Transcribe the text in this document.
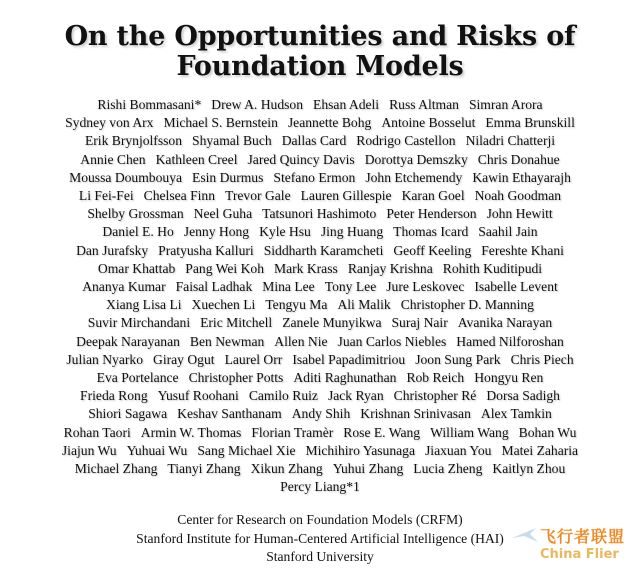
On the Opportunities and Risks of
Foundation Models
Rishi Bommasani* Drew A. Hudson Ehsan Adeli Russ Altman Simran Arora
Sydney von Arx Michael S. Bernstein Jeannette Bohg Antoine Bosselut Emma Brunskill
Erik Brynjolfsson Shyamal Buch Dallas Card Rodrigo Castellon Niladri Chatterji
Annie Chen Kathleen Creel Jared Quincy Davis Dorottya Demszky Chris Donahue
Moussa Doumbouya Esin Durmus Stefano Ermon John Etchemendy Kawin Ethayarajh
Li Fei-Fei Chelsea Finn Trevor Gale Lauren Gillespie Karan Goel Noah Goodman
Shelby Grossman Neel Guha Tatsunori Hashimoto Peter Henderson John Hewitt
Daniel E. Ho Jenny Hong Kyle Hsu Jing Huang Thomas Icard Saahil Jain
Dan Jurafsky Pratyusha Kalluri Siddharth Karamcheti Geoff Keeling Fereshte Khani
Omar Khattab Pang Wei Koh Mark Krass Ranjay Krishna Rohith Kuditipudi
Ananya Kumar Faisal Ladhak Mina Lee Tony Lee Jure Leskovec Isabelle Levent
Xiang Lisa Li Xuechen Li Tengyu Ma Ali Malik Christopher D. Manning
Suvir Mirchandani Eric Mitchell Zanele Munyikwa Suraj Nair Avanika Narayan
Deepak Narayanan Ben Newman Allen Nie Juan Carlos Niebles Hamed Nilforoshan
Julian Nyarko Giray Ogut Laurel Orr Isabel Papadimitriou Joon Sung Park Chris Piech
Eva Portelance Christopher Potts Aditi Raghunathan Rob Reich Hongyu Ren
Frieda Rong Yusuf Roohani Camilo Ruiz Jack Ryan Christopher Ré Dorsa Sadigh
Shiori Sagawa Keshav Santhanam Andy Shih Krishnan Srinivasan Alex Tamkin
Rohan Taori Armin W. Thomas Florian Tramèr Rose E. Wang William Wang Bohan Wu
Jiajun Wu Yuhuai Wu Sang Michael Xie Michihiro Yasunaga Jiaxuan You Matei Zaharia
Michael Zhang Tianyi Zhang Xikun Zhang Yuhui Zhang Lucia Zheng Kaitlyn Zhou
Percy Liang*1
Center for Research on Foundation Models (CRFM)
Stanford Institute for Human-Centered Artificial Intelligence (HAI)
Stanford University
飞行者联盟
China Flier
